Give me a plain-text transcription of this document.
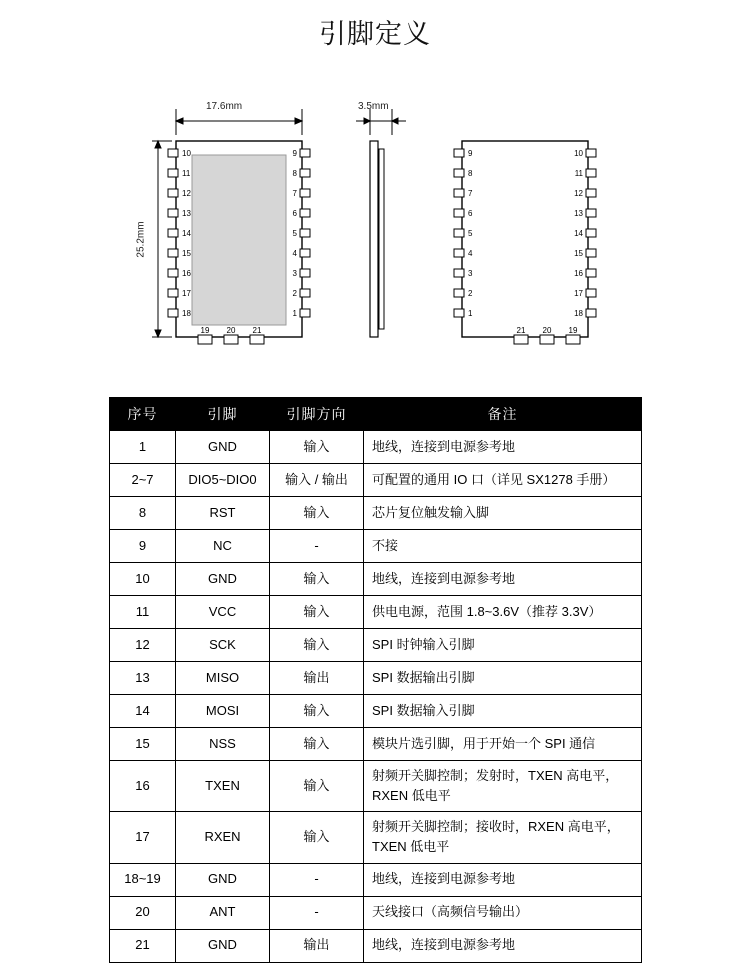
引脚定义
10
11
12
13
14
15
16
17
18
9
8
7
6
5
4
3
2
1
19 20 21
9
8
7
6
5
4
3
2
1
10
11
12
13
14
15
16
17
18
21 20 19
17.6mm	3.5mm
25.2mm
序号	引脚	引脚方向	备注
1	GND	输入	地线，连接到电源参考地
2~7	DIO5~DIO0	输入 / 输出	可配置的通用 IO 口（详见 SX1278 手册）
8	RST	输入	芯片复位触发输入脚
9	NC	-	不接
10	GND	输入	地线，连接到电源参考地
11	VCC	输入	供电电源，范围 1.8~3.6V（推荐 3.3V）
12	SCK	输入	SPI 时钟输入引脚
13	MISO	输出	SPI 数据输出引脚
14	MOSI	输入	SPI 数据输入引脚
15	NSS	输入	模块片选引脚，用于开始一个 SPI 通信
16	TXEN	输入	射频开关脚控制；发射时，TXEN 高电平，RXEN 低电平
17	RXEN	输入	射频开关脚控制；接收时，RXEN 高电平，TXEN 低电平
18~19	GND	-	地线，连接到电源参考地
20	ANT	-	天线接口（高频信号输出）
21	GND	输出	地线，连接到电源参考地
